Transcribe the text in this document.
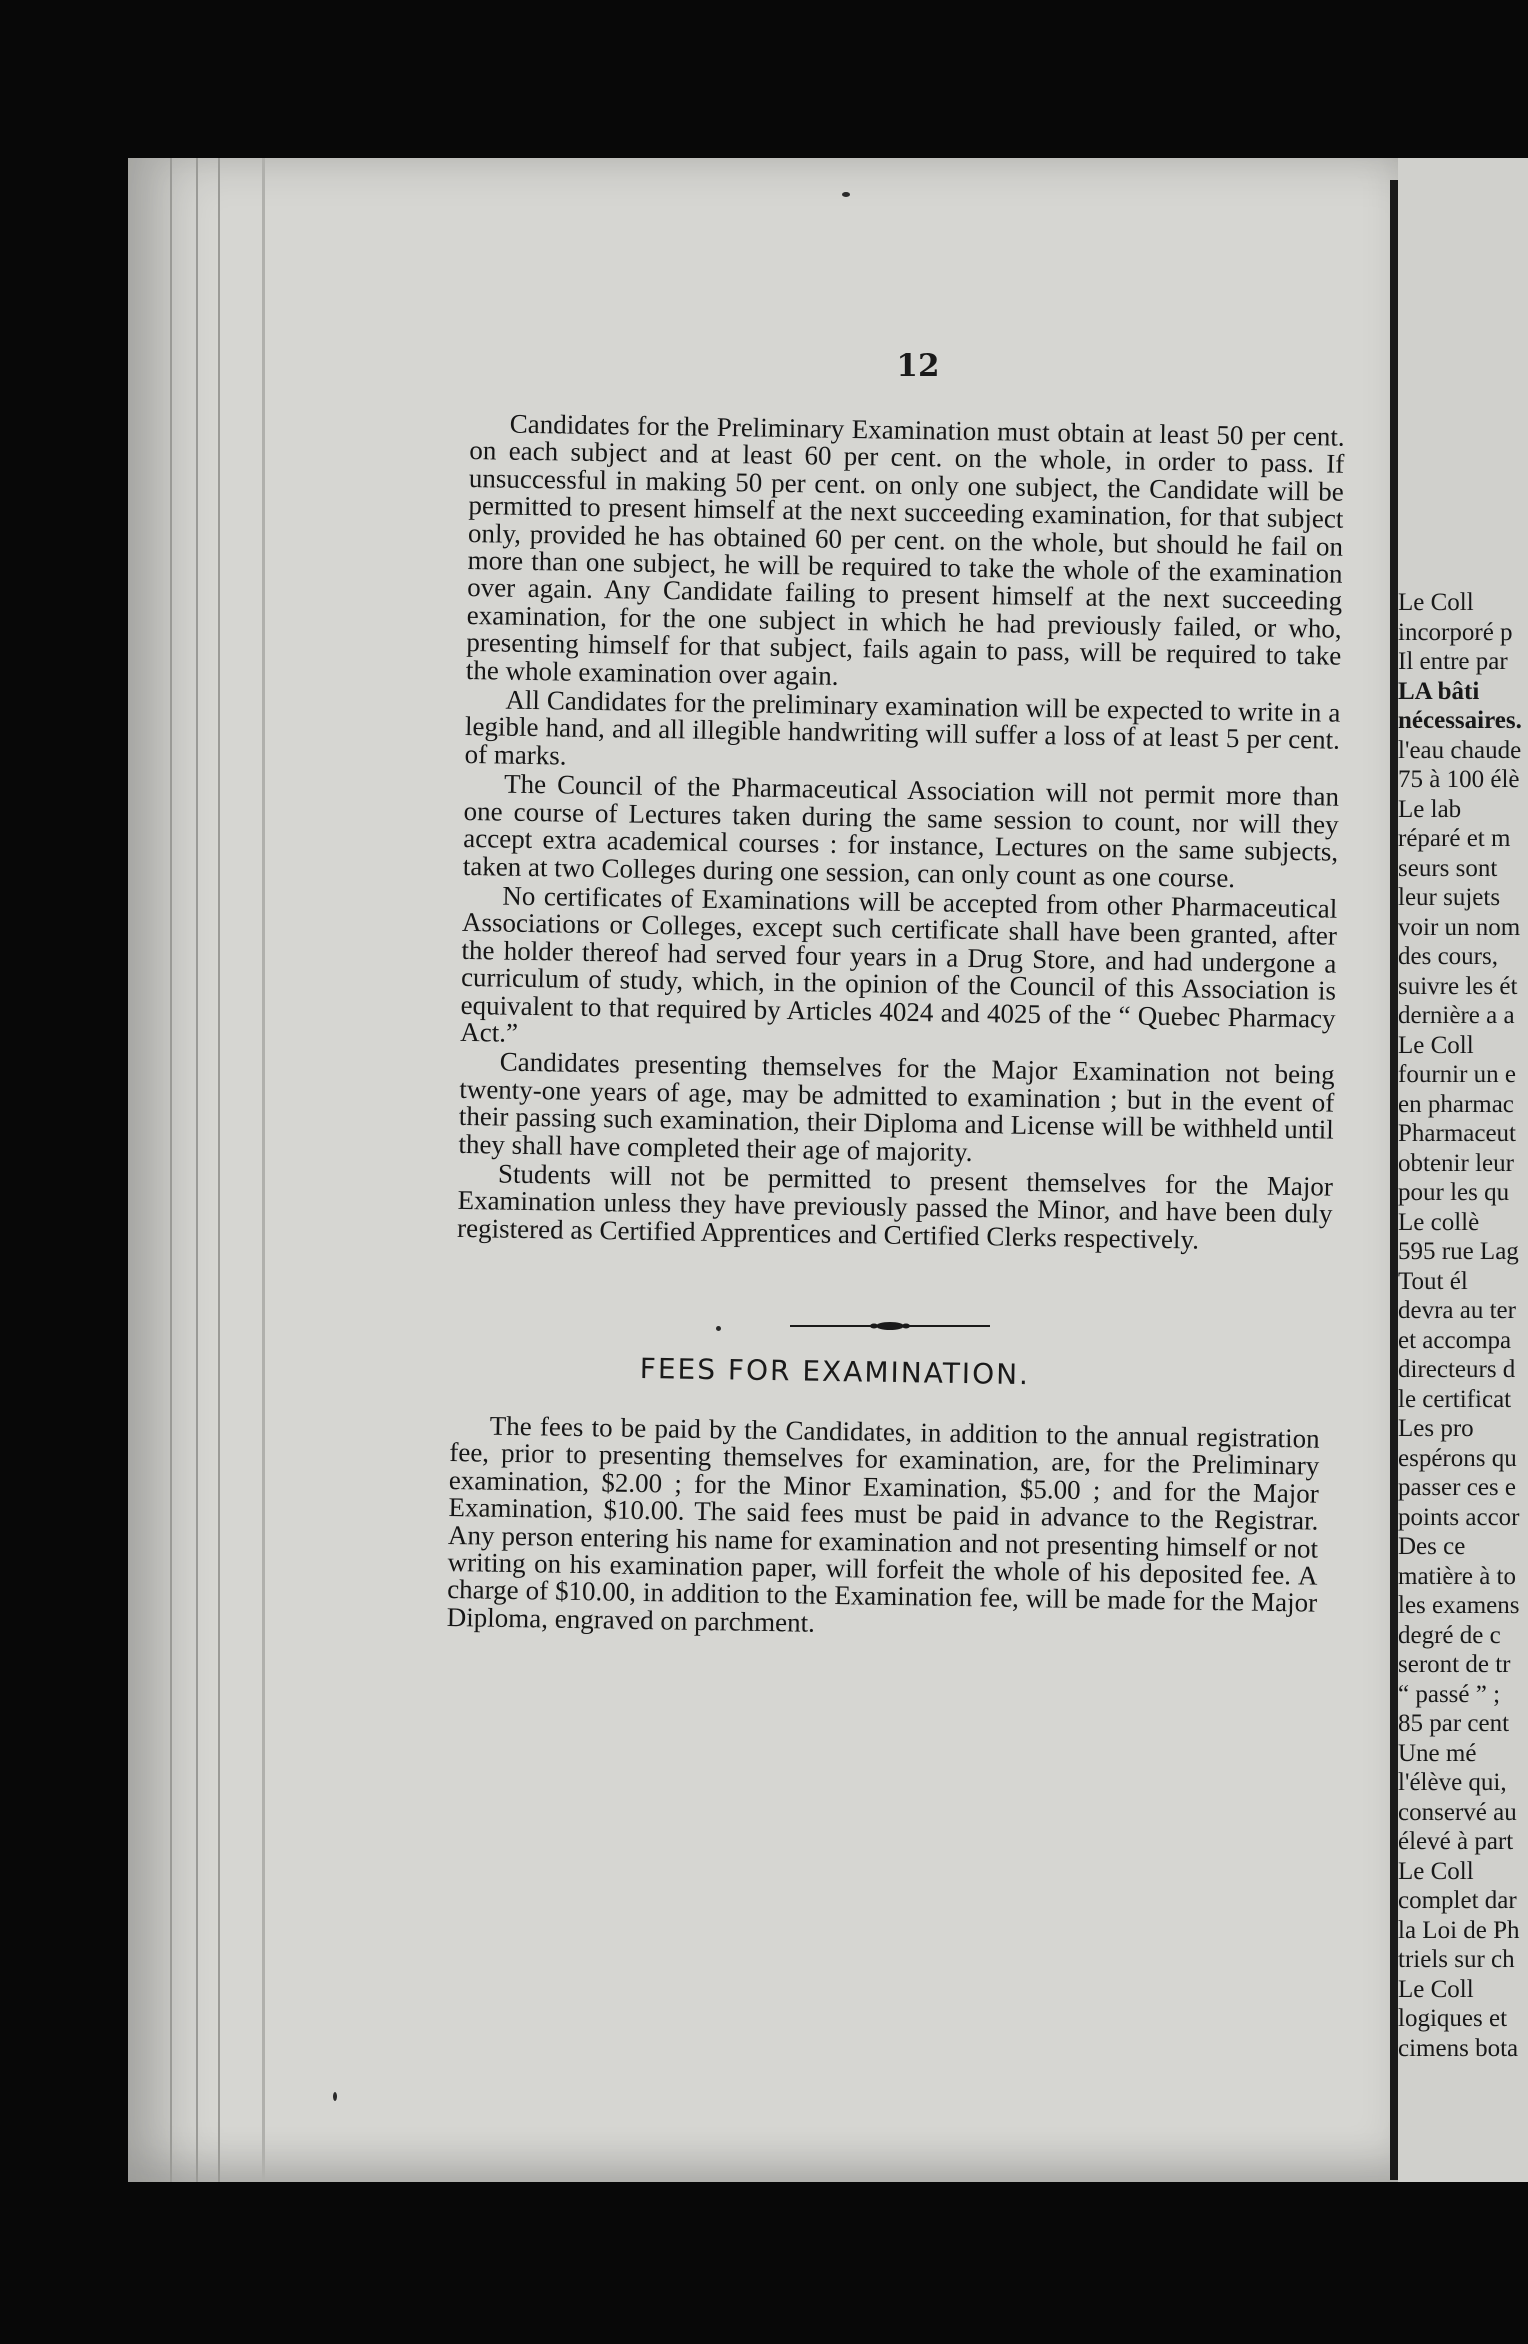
12

Candidates for the Preliminary Examination must obtain at least 50 per cent. on each subject and at least 60 per cent. on the whole, in order to pass. If unsuccessful in making 50 per cent. on only one subject, the Candidate will be permitted to present himself at the next succeeding examination, for that subject only, provided he has obtained 60 per cent. on the whole, but should he fail on more than one subject, he will be required to take the whole of the examination over again. Any Candidate failing to present himself at the next succeeding examination, for the one subject in which he had previously failed, or who, presenting himself for that subject, fails again to pass, will be required to take the whole examination over again.

All Candidates for the preliminary examination will be expected to write in a legible hand, and all illegible handwriting will suffer a loss of at least 5 per cent. of marks.

The Council of the Pharmaceutical Association will not permit more than one course of Lectures taken during the same session to count, nor will they accept extra academical courses : for instance, Lectures on the same subjects, taken at two Colleges during one session, can only count as one course.

No certificates of Examinations will be accepted from other Pharmaceutical Associations or Colleges, except such certificate shall have been granted, after the holder thereof had served four years in a Drug Store, and had undergone a curriculum of study, which, in the opinion of the Council of this Association is equivalent to that required by Articles 4024 and 4025 of the “ Quebec Pharmacy Act.”

Candidates presenting themselves for the Major Examination not being twenty-one years of age, may be admitted to examination ; but in the event of their passing such examination, their Diploma and License will be withheld until they shall have completed their age of majority.

Students will not be permitted to present themselves for the Major Examination unless they have previously passed the Minor, and have been duly registered as Certified Apprentices and Certified Clerks respectively.

FEES FOR EXAMINATION.

The fees to be paid by the Candidates, in addition to the annual registration fee, prior to presenting themselves for examination, are, for the Preliminary examination, $2.00 ; for the Minor Examination, $5.00 ; and for the Major Examination, $10.00. The said fees must be paid in advance to the Registrar. Any person entering his name for examination and not presenting himself or not writing on his examination paper, will forfeit the whole of his deposited fee. A charge of $10.00, in addition to the Examination fee, will be made for the Major Diploma, engraved on parchment.

Le Coll
incorporé p
Il entre par
LA bâti
nécessaires.
l'eau chaude
75 à 100 élè
Le lab
réparé et m
seurs sont
leur sujets
voir un nom
des cours,
suivre les ét
dernière a a
Le Coll
fournir un e
en pharmac
Pharmaceut
obtenir leur
pour les qu
Le collè
595 rue Lag
Tout él
devra au ter
et accompa
directeurs d
le certificat
Les pro
espérons qu
passer ces e
points accor
Des ce
matière à to
les examens
degré de c
seront de tr
“ passé ” ;
85 par cent
Une mé
l'élève qui,
conservé au
élevé à part
Le Coll
complet dar
la Loi de Ph
triels sur ch
Le Coll
logiques et
cimens bota
